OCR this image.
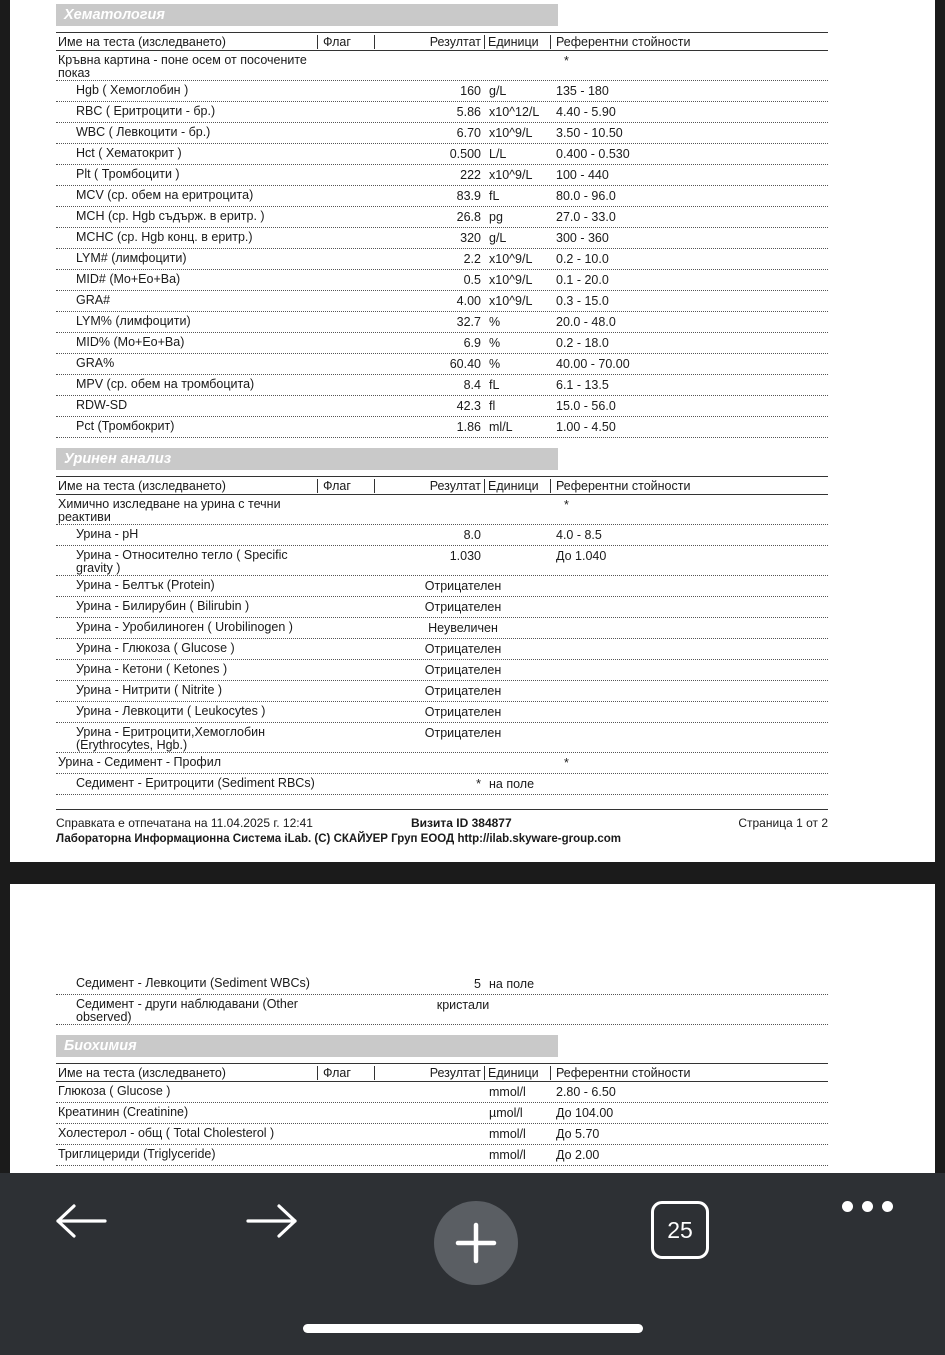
Хематология
Име на теста (изследването)	Флаг	Резултат Единици	Референтни стойности
Кръвна картина - поне осем от посочените показ
*
Hgb ( Хемоглобин )	160 g/L	135 - 180
RBC ( Еритроцити - бр.)	5.86 x10^12/L	4.40 - 5.90
WBC ( Левкоцити - бр.)	6.70 x10^9/L	3.50 - 10.50
Hct ( Хематокрит )	0.500 L/L	0.400 - 0.530
Plt ( Тромбоцити )	222 x10^9/L	100 - 440
MCV (ср. обем на еритроцита)	83.9 fL	80.0 - 96.0
MCH (ср. Hgb съдърж. в еритр. )	26.8 pg	27.0 - 33.0
MCHC (ср. Hgb конц. в еритр.)	320 g/L	300 - 360
LYM# (лимфоцити)	2.2 x10^9/L	0.2 - 10.0
MID# (Mo+Eo+Ba)	0.5 x10^9/L	0.1 - 20.0
GRA#	4.00 x10^9/L	0.3 - 15.0
LYM% (лимфоцити)	32.7 %	20.0 - 48.0
MID% (Mo+Eo+Ba)	6.9 %	0.2 - 18.0
GRA%	60.40 %	40.00 - 70.00
MPV (ср. обем на тромбоцита)	8.4 fL	6.1 - 13.5
RDW-SD	42.3 fl	15.0 - 56.0
Pct (Тромбокрит)	1.86 ml/L	1.00 - 4.50
Уринен анализ
Име на теста (изследването)	Флаг	Резултат Единици	Референтни стойности
Химично изследване на урина с течни реактиви
*
Урина - pH	8.0	4.0 - 8.5
Урина - Относително тегло ( Specific gravity )
1.030	До 1.040
Урина - Белтък (Protein)	Отрицателен
Урина - Билирубин ( Bilirubin )	Отрицателен
Урина - Уробилиноген ( Urobilinogen )	Неувеличен
Урина - Глюкоза ( Glucose )	Отрицателен
Урина - Кетони ( Ketones )	Отрицателен
Урина - Нитрити ( Nitrite )	Отрицателен
Урина - Левкоцити ( Leukocytes )	Отрицателен
Урина - Еритроцити,Хемоглобин (Erythrocytes, Hgb.)
Отрицателен
Урина - Седимент - Профил	*
Седимент - Еритроцити (Sediment RBCs)	* на поле
Справката е отпечатана на 11.04.2025 г. 12:41	Визита ID 384877	Страница 1 от 2
Лабораторна Информационна Система iLab. (C) СКАЙУЕР Груп ЕООД http://ilab.skyware-group.com
Седимент - Левкоцити (Sediment WBCs)	5 на поле
Седимент - други наблюдавани (Other observed)
кристали
Биохимия
Име на теста (изследването)	Флаг	Резултат Единици	Референтни стойности
Глюкоза ( Glucose )	mmol/l	2.80 - 6.50
Креатинин (Creatinine)	µmol/l	До 104.00
Холестерол - общ ( Total Cholesterol )	mmol/l	До 5.70
Триглицериди (Triglyceride)	mmol/l	До 2.00
25
